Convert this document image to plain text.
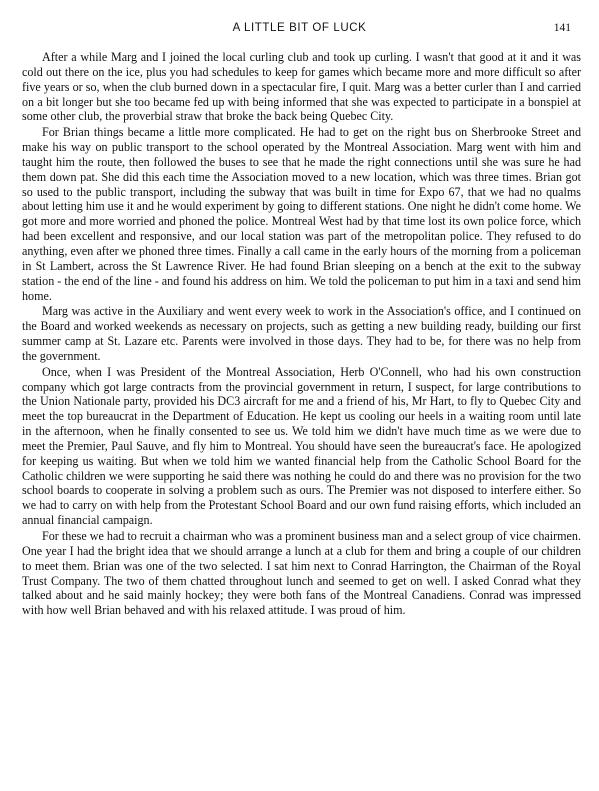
A LITTLE BIT OF LUCK	141

After a while Marg and I joined the local curling club and took up curling. I wasn't that good at it and it was cold out there on the ice, plus you had schedules to keep for games which became more and more difficult so after five years or so, when the club burned down in a spectacular fire, I quit. Marg was a better curler than I and carried on a bit longer but she too became fed up with being informed that she was expected to participate in a bonspiel at some other club, the proverbial straw that broke the back being Quebec City.

For Brian things became a little more complicated. He had to get on the right bus on Sherbrooke Street and make his way on public transport to the school operated by the Montreal Association. Marg went with him and taught him the route, then followed the buses to see that he made the right connections until she was sure he had them down pat. She did this each time the Association moved to a new location, which was three times. Brian got so used to the public transport, including the subway that was built in time for Expo 67, that we had no qualms about letting him use it and he would experiment by going to different stations. One night he didn't come home. We got more and more worried and phoned the police. Montreal West had by that time lost its own police force, which had been excellent and responsive, and our local station was part of the metropolitan police. They refused to do anything, even after we phoned three times. Finally a call came in the early hours of the morning from a policeman in St Lambert, across the St Lawrence River. He had found Brian sleeping on a bench at the exit to the subway station - the end of the line - and found his address on him. We told the policeman to put him in a taxi and send him home.

Marg was active in the Auxiliary and went every week to work in the Association's office, and I continued on the Board and worked weekends as necessary on projects, such as getting a new building ready, building our first summer camp at St. Lazare etc. Parents were involved in those days. They had to be, for there was no help from the government.

Once, when I was President of the Montreal Association, Herb O'Connell, who had his own construction company which got large contracts from the provincial government in return, I suspect, for large contributions to the Union Nationale party, provided his DC3 aircraft for me and a friend of his, Mr Hart, to fly to Quebec City and meet the top bureaucrat in the Department of Education. He kept us cooling our heels in a waiting room until late in the afternoon, when he finally consented to see us. We told him we didn't have much time as we were due to meet the Premier, Paul Sauve, and fly him to Montreal. You should have seen the bureaucrat's face. He apologized for keeping us waiting. But when we told him we wanted financial help from the Catholic School Board for the Catholic children we were supporting he said there was nothing he could do and there was no provision for the two school boards to cooperate in solving a problem such as ours. The Premier was not disposed to interfere either. So we had to carry on with help from the Protestant School Board and our own fund raising efforts, which included an annual financial campaign.

For these we had to recruit a chairman who was a prominent business man and a select group of vice chairmen. One year I had the bright idea that we should arrange a lunch at a club for them and bring a couple of our children to meet them. Brian was one of the two selected. I sat him next to Conrad Harrington, the Chairman of the Royal Trust Company. The two of them chatted throughout lunch and seemed to get on well. I asked Conrad what they talked about and he said mainly hockey; they were both fans of the Montreal Canadiens. Conrad was impressed with how well Brian behaved and with his relaxed attitude. I was proud of him.
